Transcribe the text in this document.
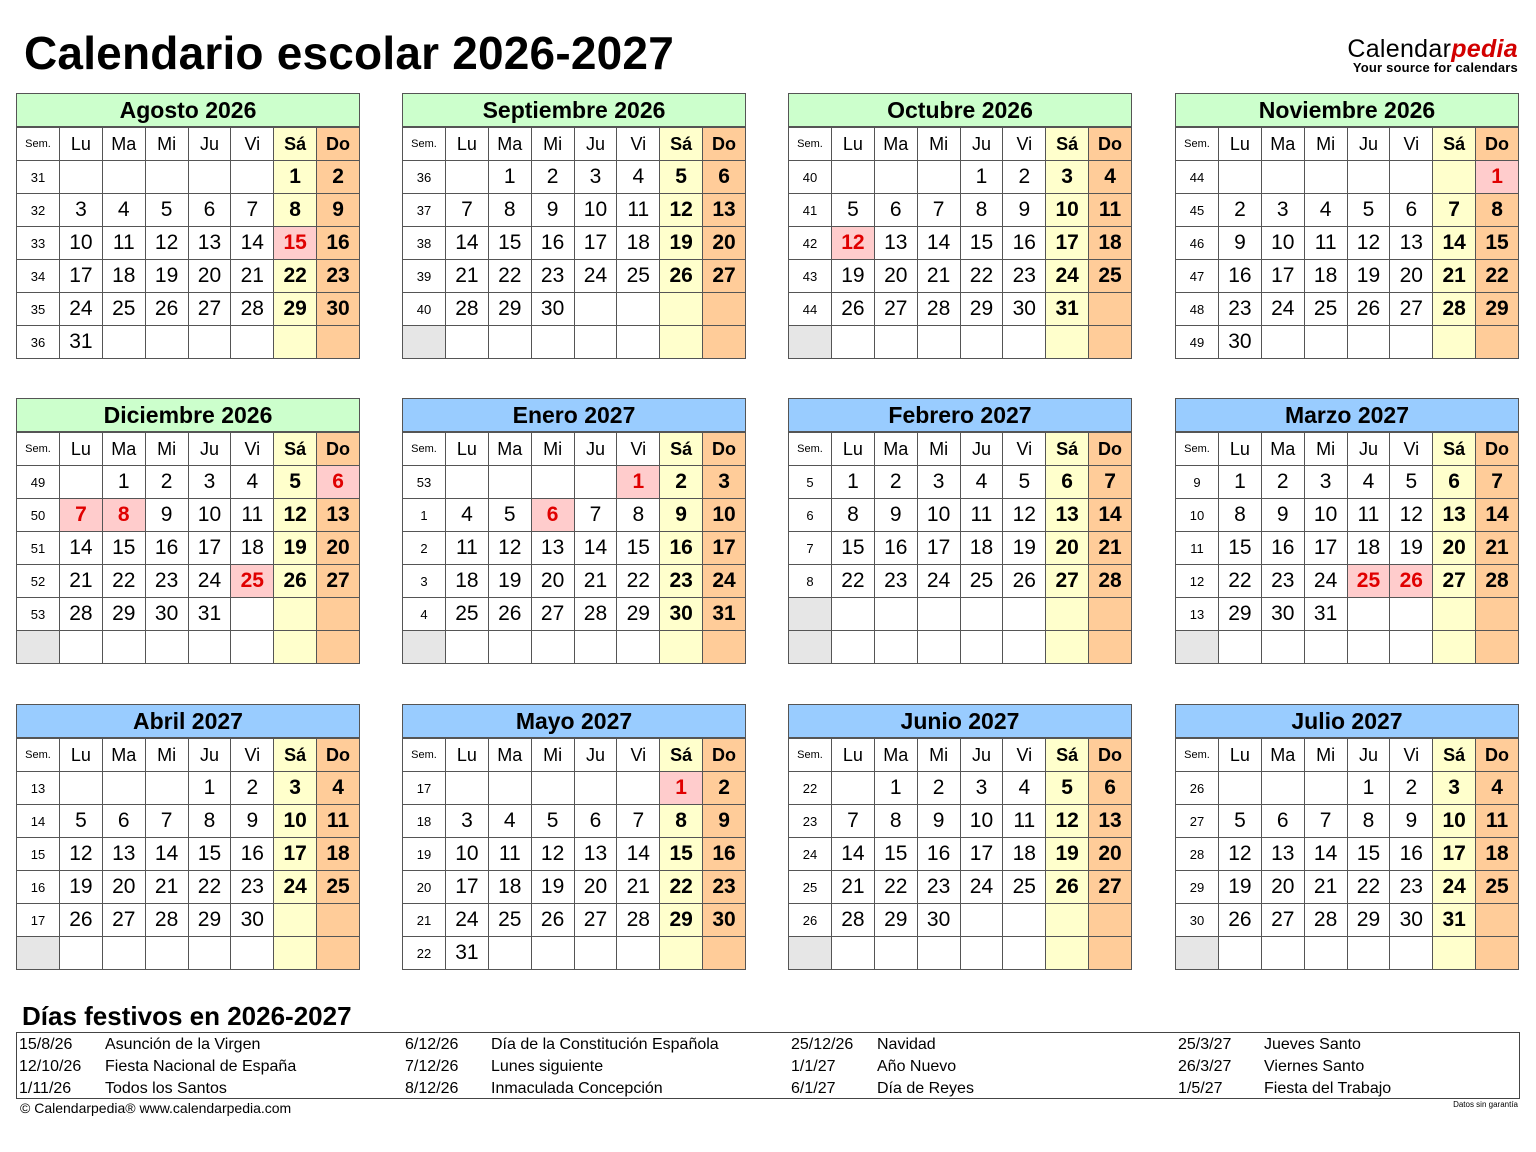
Calendario escolar 2026-2027	Calendarpedia
Your source for calendars
Agosto 2026
Sem.	Lu	Ma	Mi	Ju	Vi	Sá	Do
31						1	2
32	3	4	5	6	7	8	9
33	10	11	12	13	14	15	16
34	17	18	19	20	21	22	23
35	24	25	26	27	28	29	30
36	31						
Septiembre 2026
Sem.	Lu	Ma	Mi	Ju	Vi	Sá	Do
36		1	2	3	4	5	6
37	7	8	9	10	11	12	13
38	14	15	16	17	18	19	20
39	21	22	23	24	25	26	27
40	28	29	30				

Octubre 2026
Sem.	Lu	Ma	Mi	Ju	Vi	Sá	Do
40				1	2	3	4
41	5	6	7	8	9	10	11
42	12	13	14	15	16	17	18
43	19	20	21	22	23	24	25
44	26	27	28	29	30	31	

Noviembre 2026
Sem.	Lu	Ma	Mi	Ju	Vi	Sá	Do
44							1
45	2	3	4	5	6	7	8
46	9	10	11	12	13	14	15
47	16	17	18	19	20	21	22
48	23	24	25	26	27	28	29
49	30						
Diciembre 2026
Sem.	Lu	Ma	Mi	Ju	Vi	Sá	Do
49		1	2	3	4	5	6
50	7	8	9	10	11	12	13
51	14	15	16	17	18	19	20
52	21	22	23	24	25	26	27
53	28	29	30	31			

Enero 2027
Sem.	Lu	Ma	Mi	Ju	Vi	Sá	Do
53					1	2	3
1	4	5	6	7	8	9	10
2	11	12	13	14	15	16	17
3	18	19	20	21	22	23	24
4	25	26	27	28	29	30	31

Febrero 2027
Sem.	Lu	Ma	Mi	Ju	Vi	Sá	Do
5	1	2	3	4	5	6	7
6	8	9	10	11	12	13	14
7	15	16	17	18	19	20	21
8	22	23	24	25	26	27	28

Marzo 2027
Sem.	Lu	Ma	Mi	Ju	Vi	Sá	Do
9	1	2	3	4	5	6	7
10	8	9	10	11	12	13	14
11	15	16	17	18	19	20	21
12	22	23	24	25	26	27	28
13	29	30	31				

Abril 2027
Sem.	Lu	Ma	Mi	Ju	Vi	Sá	Do
13				1	2	3	4
14	5	6	7	8	9	10	11
15	12	13	14	15	16	17	18
16	19	20	21	22	23	24	25
17	26	27	28	29	30		

Mayo 2027
Sem.	Lu	Ma	Mi	Ju	Vi	Sá	Do
17						1	2
18	3	4	5	6	7	8	9
19	10	11	12	13	14	15	16
20	17	18	19	20	21	22	23
21	24	25	26	27	28	29	30
22	31						
Junio 2027
Sem.	Lu	Ma	Mi	Ju	Vi	Sá	Do
22		1	2	3	4	5	6
23	7	8	9	10	11	12	13
24	14	15	16	17	18	19	20
25	21	22	23	24	25	26	27
26	28	29	30				

Julio 2027
Sem.	Lu	Ma	Mi	Ju	Vi	Sá	Do
26				1	2	3	4
27	5	6	7	8	9	10	11
28	12	13	14	15	16	17	18
29	19	20	21	22	23	24	25
30	26	27	28	29	30	31	

Días festivos en 2026-2027
15/8/26 Asunción de la Virgen
12/10/26 Fiesta Nacional de España
1/11/26 Todos los Santos
6/12/26 Día de la Constitución Española
7/12/26 Lunes siguiente
8/12/26 Inmaculada Concepción
25/12/26 Navidad
1/1/27	Año Nuevo
6/1/27	Día de Reyes
25/3/27 Jueves Santo
26/3/27 Viernes Santo
1/5/27	Fiesta del Trabajo
© Calendarpedia® www.calendarpedia.com	Datos sin garantía
